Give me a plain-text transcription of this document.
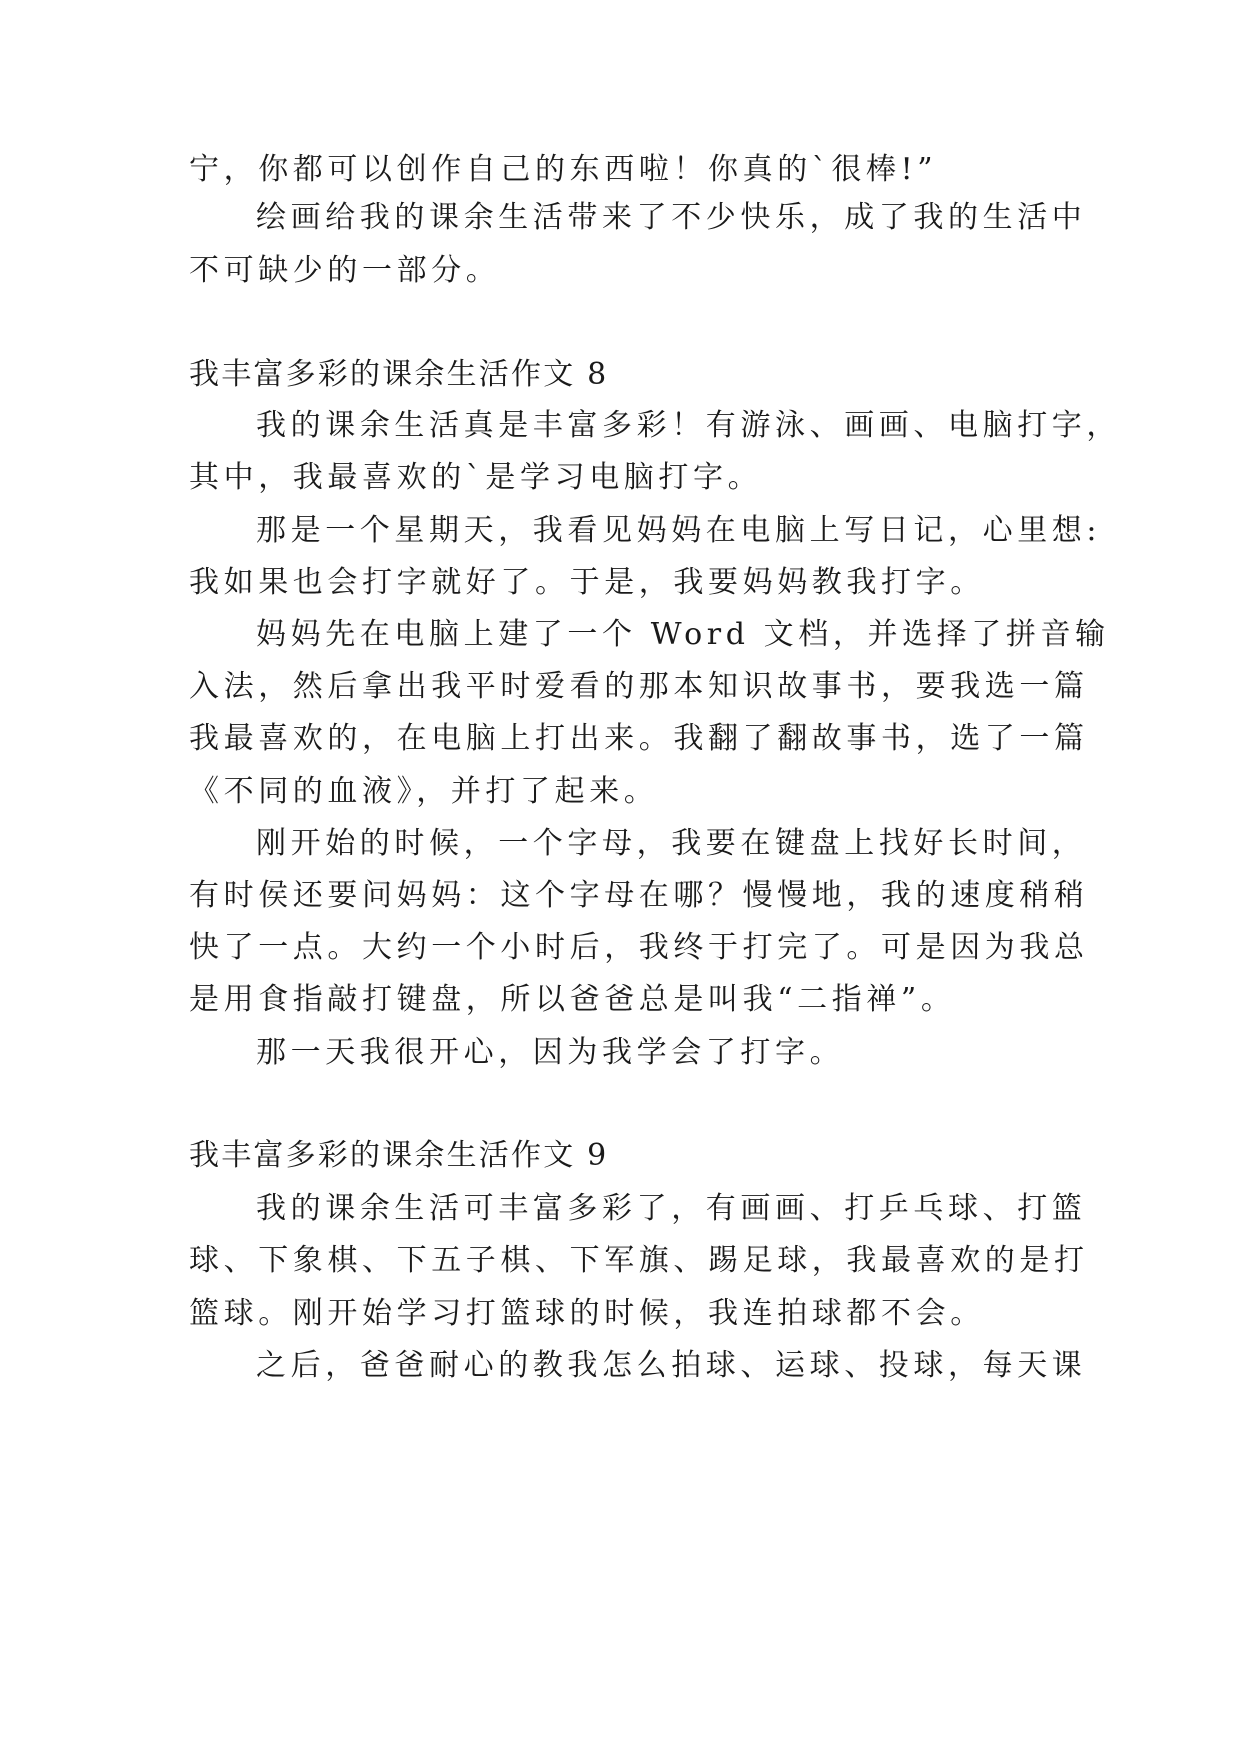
宁，你都可以创作自己的东西啦！你真的`很棒!”
绘画给我的课余生活带来了不少快乐，成了我的生活中
不可缺少的一部分。
我丰富多彩的课余生活作文 8
我的课余生活真是丰富多彩！有游泳、画画、电脑打字，
其中，我最喜欢的`是学习电脑打字。
那是一个星期天，我看见妈妈在电脑上写日记，心里想:
我如果也会打字就好了。于是，我要妈妈教我打字。
妈妈先在电脑上建了一个 Word 文档，并选择了拼音输
入法，然后拿出我平时爱看的那本知识故事书，要我选一篇
我最喜欢的，在电脑上打出来。我翻了翻故事书，选了一篇
《不同的血液》，并打了起来。
刚开始的时候，一个字母，我要在键盘上找好长时间，
有时侯还要问妈妈：这个字母在哪？慢慢地，我的速度稍稍
快了一点。大约一个小时后，我终于打完了。可是因为我总
是用食指敲打键盘，所以爸爸总是叫我“二指禅”。
那一天我很开心，因为我学会了打字。
我丰富多彩的课余生活作文 9
我的课余生活可丰富多彩了，有画画、打乒乓球、打篮
球、下象棋、下五子棋、下军旗、踢足球，我最喜欢的是打
篮球。刚开始学习打篮球的时候，我连拍球都不会。
之后，爸爸耐心的教我怎么拍球、运球、投球，每天课
